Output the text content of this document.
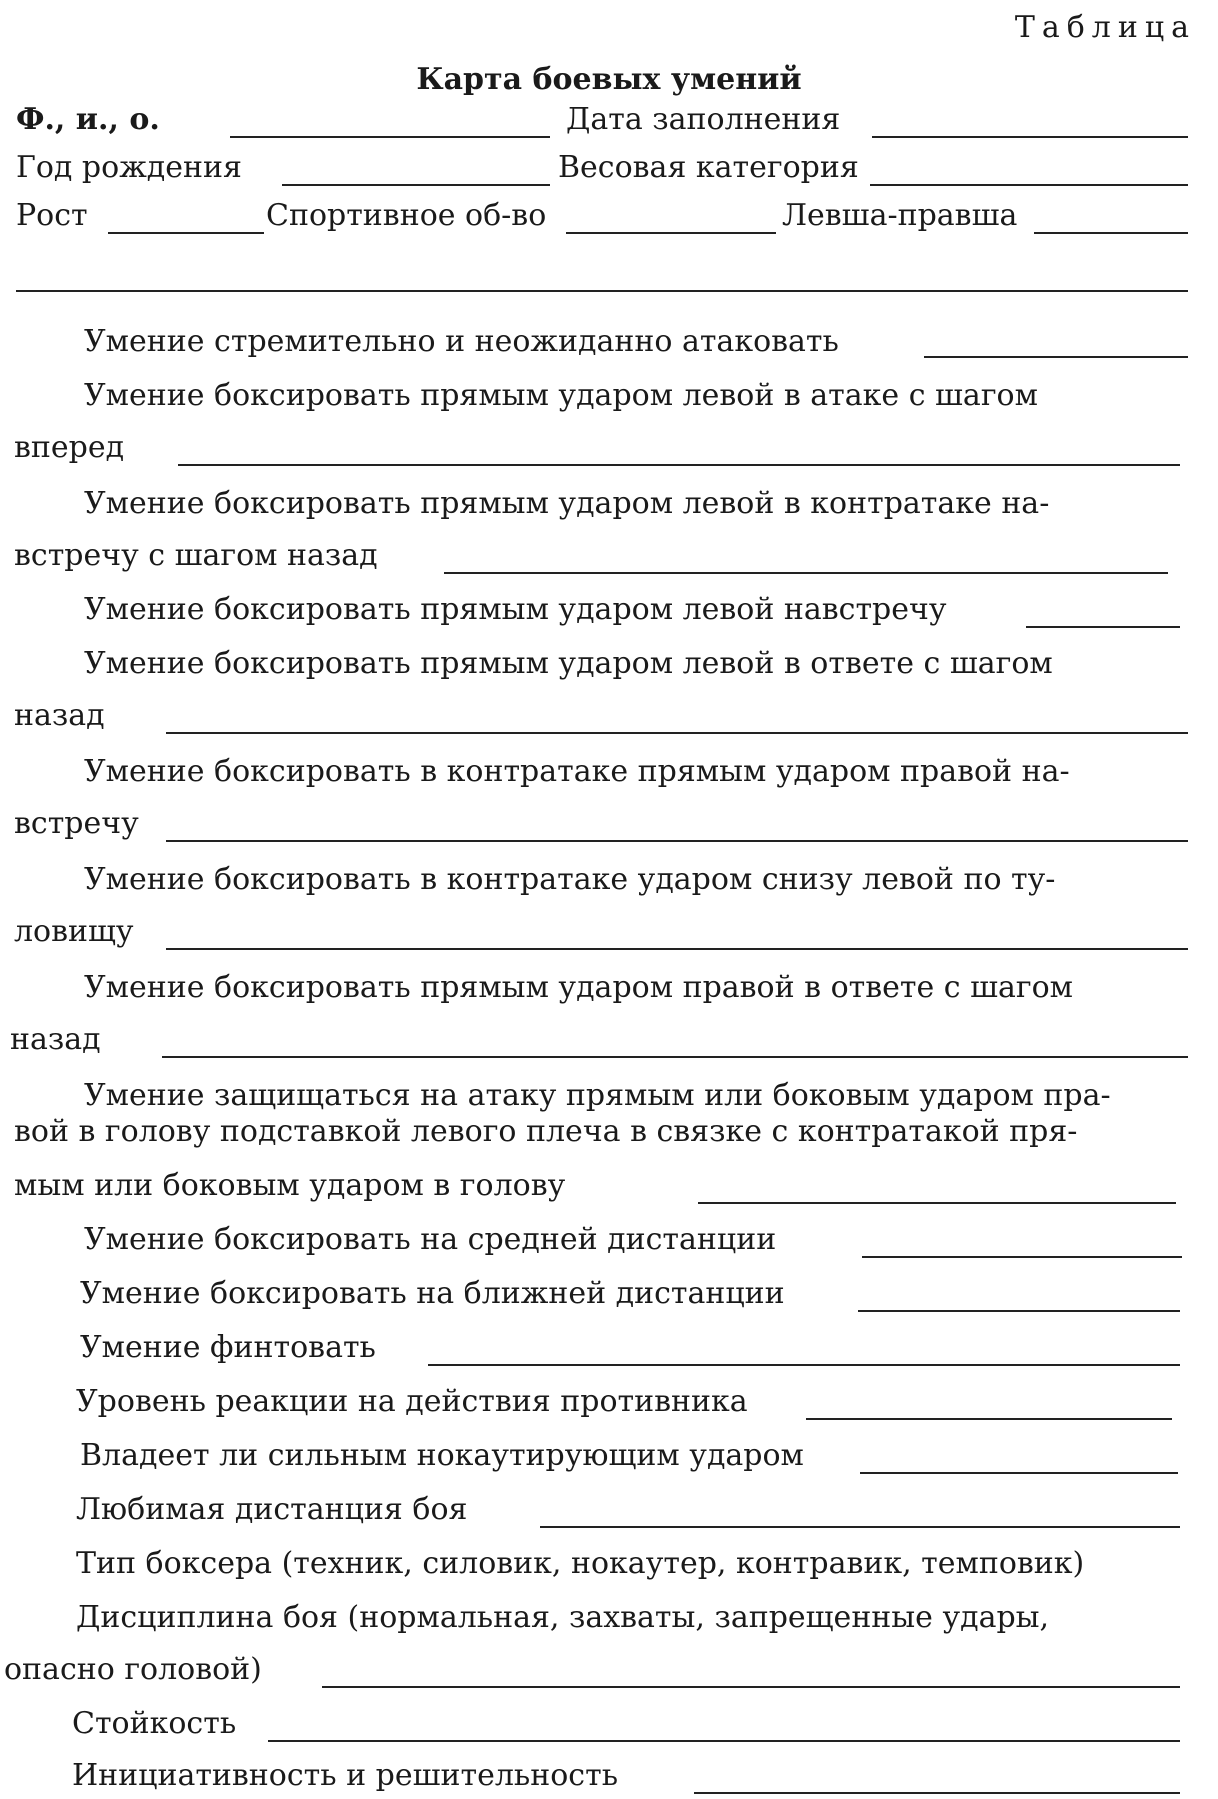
Таблица
Карта боевых умений
Ф., и., о.	Дата заполнения
Год рождения	Весовая категория
Рост	Спортивное об-во	Левша-правша
Умение стремительно и неожиданно атаковать
Умение боксировать прямым ударом левой в атаке с шагом
вперед
Умение боксировать прямым ударом левой в контратаке на-
встречу с шагом назад
Умение боксировать прямым ударом левой навстречу
Умение боксировать прямым ударом левой в ответе с шагом
назад
Умение боксировать в контратаке прямым ударом правой на-
встречу
Умение боксировать в контратаке ударом снизу левой по ту-
ловищу
Умение боксировать прямым ударом правой в ответе с шагом
назад
Умение защищаться на атаку прямым или боковым ударом пра-
вой в голову подставкой левого плеча в связке с контратакой пря-
мым или боковым ударом в голову
Умение боксировать на средней дистанции
Умение боксировать на ближней дистанции
Умение финтовать
Уровень реакции на действия противника
Владеет ли сильным нокаутирующим ударом
Любимая дистанция боя
Тип боксера (техник, силовик, нокаутер, контравик, темповик)
Дисциплина боя (нормальная, захваты, запрещенные удары,
опасно головой)
Стойкость
Инициативность и решительность
